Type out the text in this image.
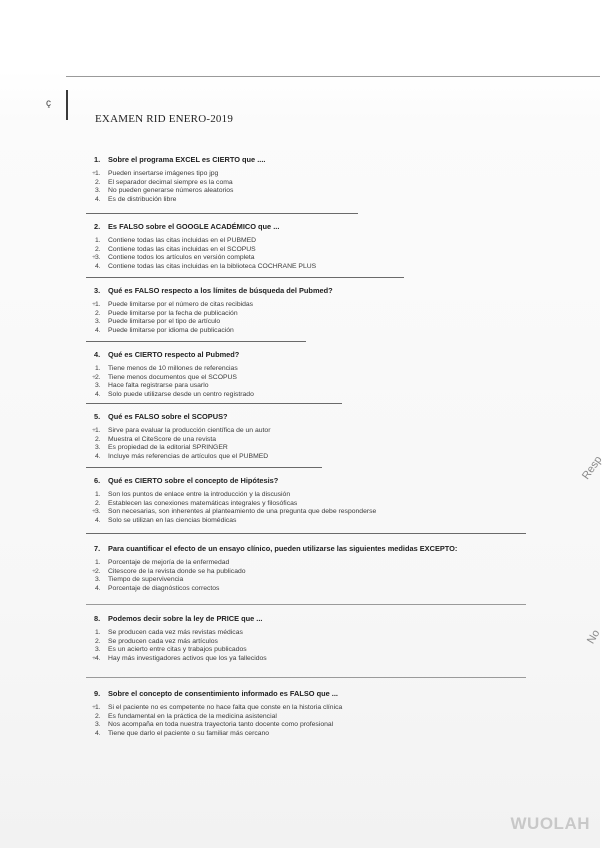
ç
EXAMEN RID ENERO-2019
1. Sobre el programa EXCEL es CIERTO que ....
+ 1. Pueden insertarse imágenes tipo jpg
2. El separador decimal siempre es la coma
3. No pueden generarse números aleatorios
4. Es de distribución libre
2. Es FALSO sobre el GOOGLE ACADÉMICO que ...
1. Contiene todas las citas incluidas en el PUBMED
2. Contiene todas las citas incluidas en el SCOPUS
+ 3. Contiene todos los artículos en versión completa
4. Contiene todas las citas incluidas en la biblioteca COCHRANE PLUS
3. Qué es FALSO respecto a los límites de búsqueda del Pubmed?
+ 1. Puede limitarse por el número de citas recibidas
2. Puede limitarse por la fecha de publicación
3. Puede limitarse por el tipo de artículo
4. Puede limitarse por idioma de publicación
4. Qué es CIERTO respecto al Pubmed?
1. Tiene menos de 10 millones de referencias
+ 2. Tiene menos documentos que el SCOPUS
3. Hace falta registrarse para usarlo
4. Solo puede utilizarse desde un centro registrado
5. Qué es FALSO sobre el SCOPUS?
+ 1. Sirve para evaluar la producción científica de un autor
2. Muestra el CiteScore de una revista
3. Es propiedad de la editorial SPRINGER
4. Incluye más referencias de artículos que el PUBMED
6. Qué es CIERTO sobre el concepto de Hipótesis?
1. Son los puntos de enlace entre la introducción y la discusión
2. Establecen las conexiones matemáticas integrales y filosóficas
+ 3. Son necesarias, son inherentes al planteamiento de una pregunta que debe responderse
4. Solo se utilizan en las ciencias biomédicas
7. Para cuantificar el efecto de un ensayo clínico, pueden utilizarse las siguientes medidas EXCEPTO:
1. Porcentaje de mejoría de la enfermedad
+ 2. Citescore de la revista donde se ha publicado
3. Tiempo de supervivencia
4. Porcentaje de diagnósticos correctos
8. Podemos decir sobre la ley de PRICE que ...
1. Se producen cada vez más revistas médicas
2. Se producen cada vez más artículos
3. Es un acierto entre citas y trabajos publicados
+ 4. Hay más investigadores activos que los ya fallecidos
9. Sobre el concepto de consentimiento informado es FALSO que ...
+ 1. Si el paciente no es competente no hace falta que conste en la historia clínica
2. Es fundamental en la práctica de la medicina asistencial
3. Nos acompaña en toda nuestra trayectoria tanto docente como profesional
4. Tiene que darlo el paciente o su familiar más cercano
Resp
No
WUOLAH
